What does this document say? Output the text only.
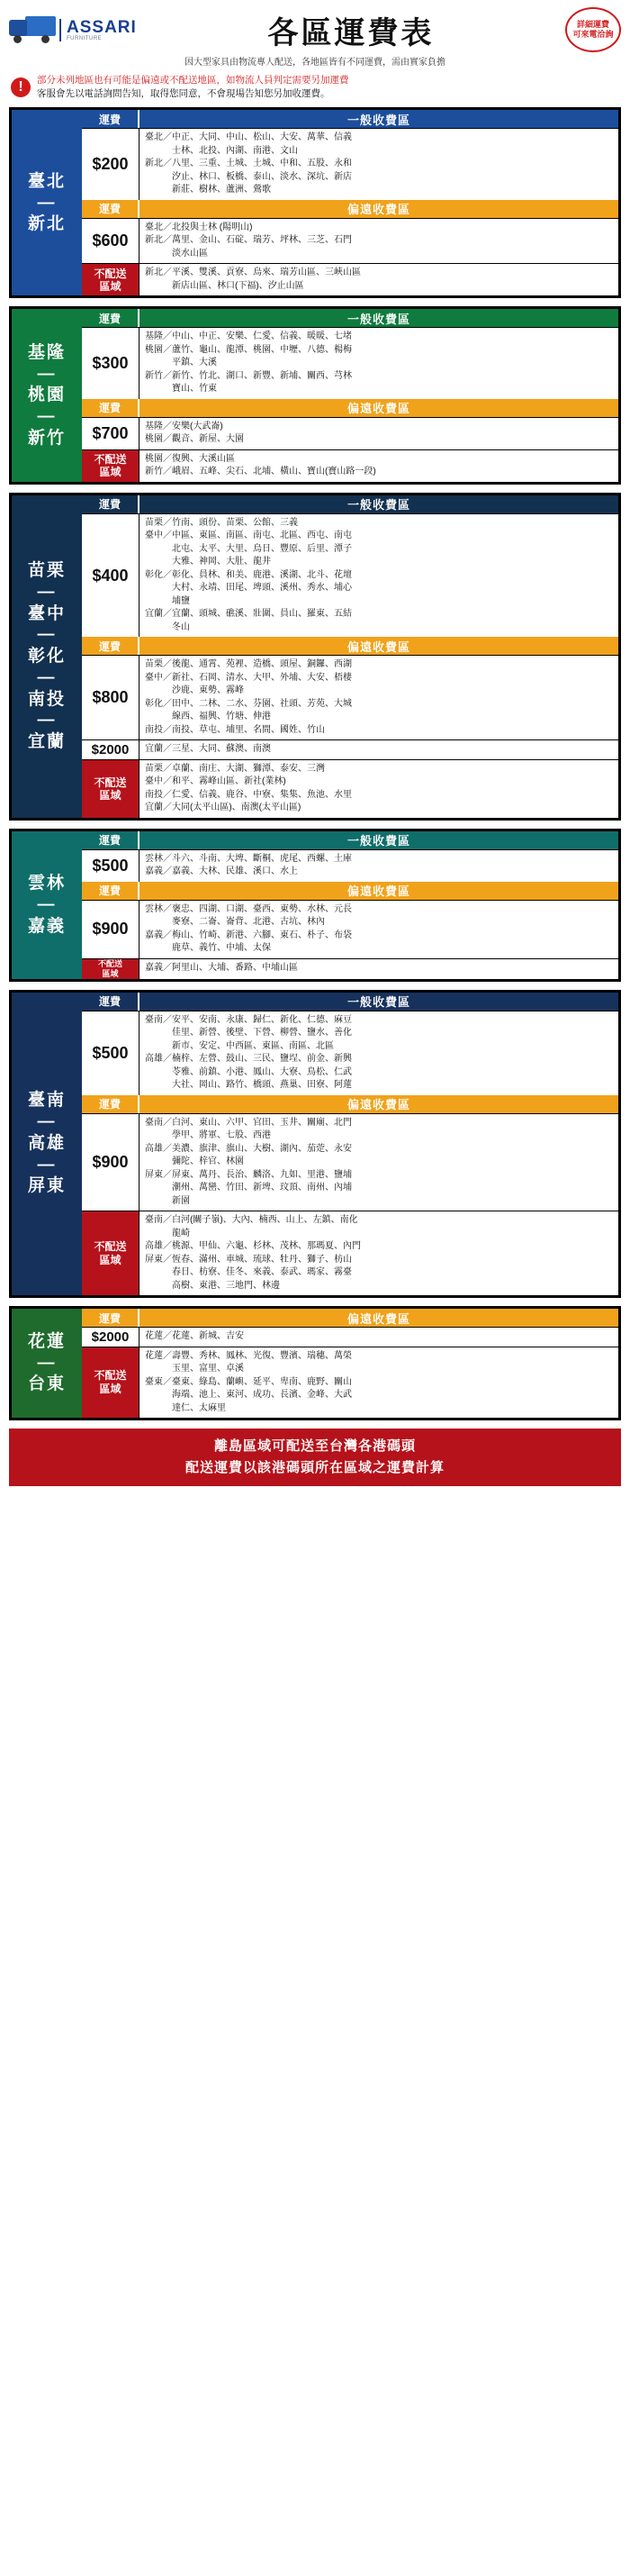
ASSARI
FURNITURE	各區運費表	詳細運費
可來電洽詢
因大型家具由物流專人配送，各地區皆有不同運費，需由實家負擔
!	部分未列地區也有可能是偏遠或不配送地區，如物流人員判定需要另加運費
客服會先以電話詢問告知，取得您同意，不會現場告知您另加收運費。
臺北
—
新北
運費	一般收費區
$200
臺北／中正、大同、中山、松山、大安、萬華、信義
　　　士林、北投、內湖、南港、文山
新北／八里、三重、土城、土城、中和、五股、永和
　　　汐止、林口、板橋、泰山、淡水、深坑、新店
　　　新莊、樹林、蘆洲、鶯歌
運費	偏遠收費區
$600
臺北／北投與士林 (陽明山)
新北／萬里、金山、石碇、瑞芳、坪林、三芝、石門
　　　淡水山區
不配送
區域
新北／平溪、雙溪、貢寮、烏來、瑞芳山區、三峽山區
　　　新店山區、林口(下福)、汐止山區
基隆
—
桃園
—
新竹
運費	一般收費區
$300
基隆／中山、中正、安樂、仁愛、信義、暖暖、七堵
桃園／蘆竹、龜山、龍潭、桃園、中壢、八德、楊梅
　　　平鎮、大溪
新竹／新竹、竹北、湖口、新豐、新埔、關西、芎林
　　　寶山、竹東
運費	偏遠收費區
$700	基隆／安樂(大武崙)
桃園／觀音、新屋、大園
不配送
區域
桃園／復興、大溪山區
新竹／峨眉、五峰、尖石、北埔、橫山、寶山(寶山路一段)
苗栗
—
臺中
—
彰化
—
南投
—
宜蘭
運費	一般收費區
$400
苗栗／竹南、頭份、苗栗、公館、三義
臺中／中區、東區、南區、南屯、北區、西屯、南屯
　　　北屯、太平、大里、烏日、豐原、后里、潭子
　　　大雅、神岡、大肚、龍井
彰化／彰化、員林、和美、鹿港、溪湖、北斗、花壇
　　　大村、永靖、田尾、埤頭、溪州、秀水、埔心
　　　埔鹽
宜蘭／宜蘭、頭城、礁溪、壯圍、員山、羅東、五結
　　　冬山
運費	偏遠收費區
$800
苗栗／後龍、通霄、苑裡、造橋、頭屋、銅鑼、西湖
臺中／新社、石岡、清水、大甲、外埔、大安、梧棲
　　　沙鹿、東勢、霧峰
彰化／田中、二林、二水、芬園、社頭、芳苑、大城
　　　線西、福興、竹塘、伸港
南投／南投、草屯、埔里、名間、國姓、竹山
$2000	宜蘭／三星、大同、蘇澳、南澳
不配送
區域
苗栗／卓蘭、南庄、大湖、獅潭、泰安、三灣
臺中／和平、霧峰山區、新社(業林)
南投／仁愛、信義、鹿谷、中寮、集集、魚池、水里
宜蘭／大同(太平山區)、南澳(太平山區)
雲林
—
嘉義
運費	一般收費區
$500	雲林／斗六、斗南、大埤、斷桐、虎尾、西螺、土庫
嘉義／嘉義、大林、民雄、溪口、水上
運費	偏遠收費區
$900
雲林／褒忠、四湖、口湖、臺西、東勢、水林、元長
　　　麥寮、二崙、崙背、北港、古坑、林內
嘉義／梅山、竹崎、新港、六腳、東石、朴子、布袋
　　　鹿草、義竹、中埔、太保
不配送
區域
嘉義／阿里山、大埔、番路、中埔山區
臺南
—
高雄
—
屏東
運費	一般收費區
$500
臺南／安平、安南、永康、歸仁、新化、仁德、麻豆
　　　佳里、新營、後壁、下營、柳營、鹽水、善化
　　　新市、安定、中西區、東區、南區、北區
高雄／楠梓、左營、鼓山、三民、鹽埕、前金、新興
　　　苓雅、前鎮、小港、鳳山、大寮、鳥松、仁武
　　　大社、岡山、路竹、橋頭、燕巢、田寮、阿蓮
運費	偏遠收費區
$900
臺南／白河、東山、六甲、官田、玉井、關廟、北門
　　　學甲、將軍、七股、西港
高雄／美濃、旗津、旗山、大樹、湖內、茄萣、永安
　　　彌陀、梓官、林園
屏東／屏東、萬丹、長治、麟洛、九如、里港、鹽埔
　　　潮州、萬巒、竹田、新埤、玟頂、南州、內埔
　　　新園
不配送
區域
臺南／白河(關子嶺)、大內、楠西、山上、左鎮、南化
　　　龍崎
高雄／桃源、甲仙、六龜、杉林、茂林、那瑪夏、內門
屏東／恆春、滿州、車城、琉球、牡丹、獅子、枋山
　　　春日、枋寮、佳冬、來義、泰武、瑪家、霧臺
　　　高樹、東港、三地門、林邊
花蓮
—
台東
運費	偏遠收費區
$2000	花蓮／花蓮、新城、吉安
不配送
區域
花蓮／壽豐、秀林、鳳林、光復、豐濱、瑞穗、萬榮
　　　玉里、富里、卓溪
臺東／臺東、綠島、蘭嶼、延平、卑南、鹿野、關山
　　　海端、池上、東河、成功、長濱、金峰、大武
　　　達仁、太麻里
離島區域可配送至台灣各港碼頭
配送運費以該港碼頭所在區域之運費計算
